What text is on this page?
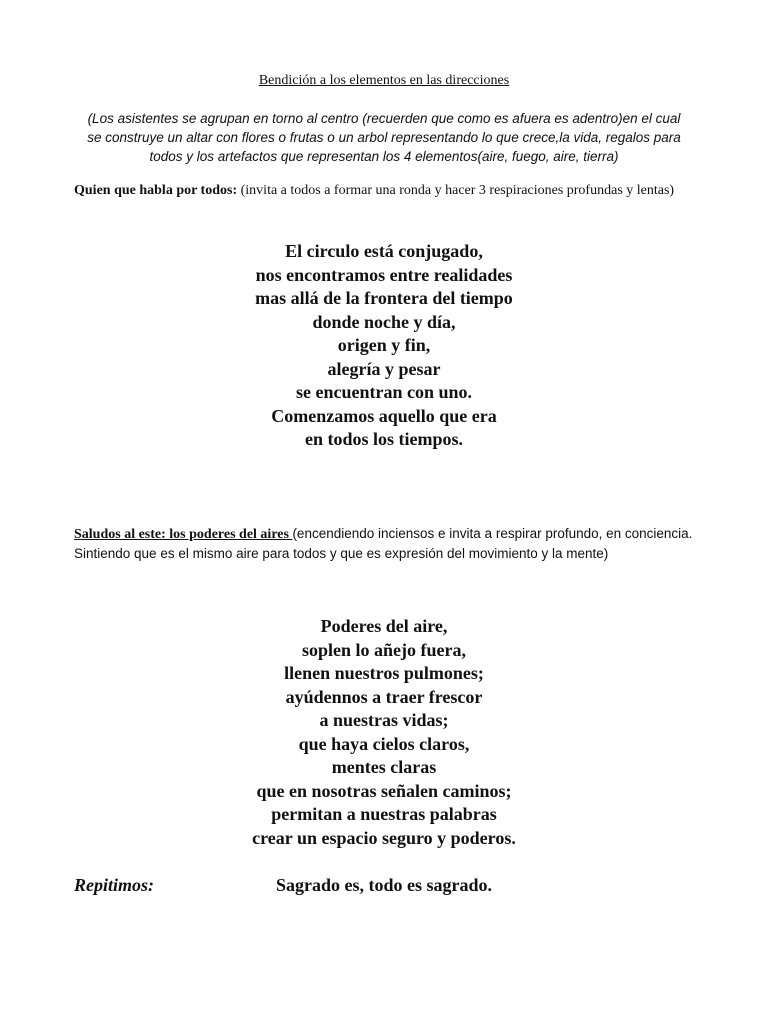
Bendición a los elementos en las direcciones
(Los asistentes se agrupan en torno al centro (recuerden que como es afuera es adentro)en el cual
se construye un altar con flores o frutas o un arbol representando lo que crece,la vida, regalos para
todos y los artefactos que representan los 4 elementos(aire, fuego, aire, tierra)
Quien que habla por todos: (invita a todos a formar una ronda y hacer 3 respiraciones profundas y lentas)
El circulo está conjugado,
nos encontramos entre realidades
mas allá de la frontera del tiempo
donde noche y día,
origen y fin,
alegría y pesar
se encuentran con uno.
Comenzamos aquello que era
en todos los tiempos.
Saludos al este: los poderes del aires (encendiendo inciensos e invita a respirar profundo, en conciencia. Sintiendo que es el mismo aire para todos y que es expresión del movimiento y la mente)
Poderes del aire,
soplen lo añejo fuera,
llenen nuestros pulmones;
ayúdennos a traer frescor
a nuestras vidas;
que haya cielos claros,
mentes claras
que en nosotras señalen caminos;
permitan a nuestras palabras
crear un espacio seguro y poderos.
Repitimos:	Sagrado es, todo es sagrado.
